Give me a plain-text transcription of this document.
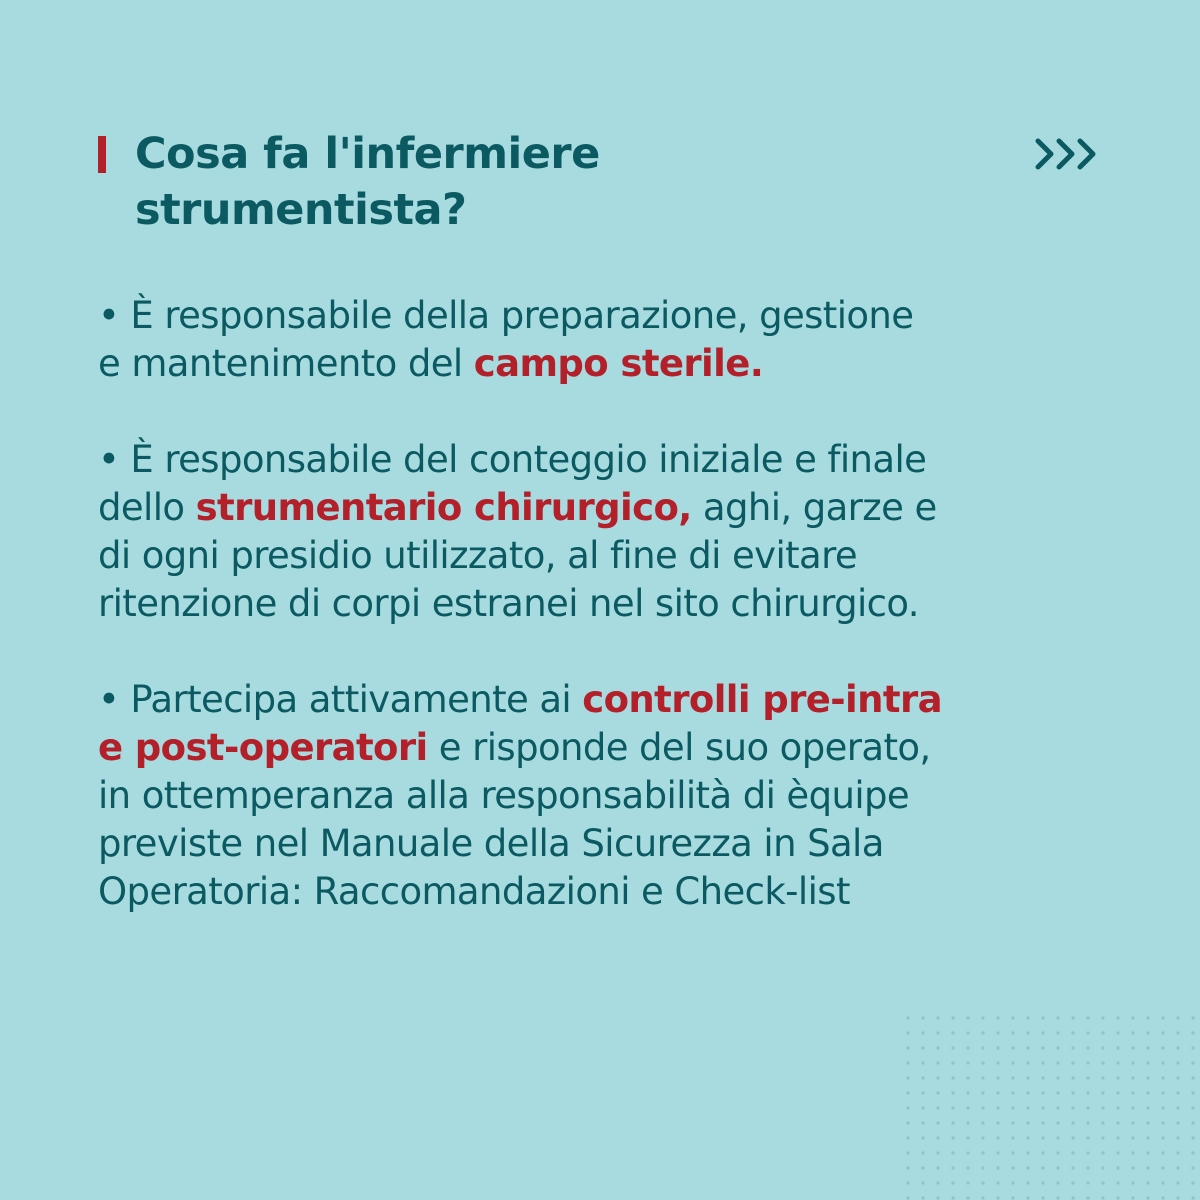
Cosa fa l'infermiere
strumentista?

• È responsabile della preparazione, gestione
e mantenimento del campo sterile.

• È responsabile del conteggio iniziale e finale
dello strumentario chirurgico, aghi, garze e
di ogni presidio utilizzato, al fine di evitare
ritenzione di corpi estranei nel sito chirurgico.

• Partecipa attivamente ai controlli pre-intra
e post-operatori e risponde del suo operato,
in ottemperanza alla responsabilità di èquipe
previste nel Manuale della Sicurezza in Sala
Operatoria: Raccomandazioni e Check-list
